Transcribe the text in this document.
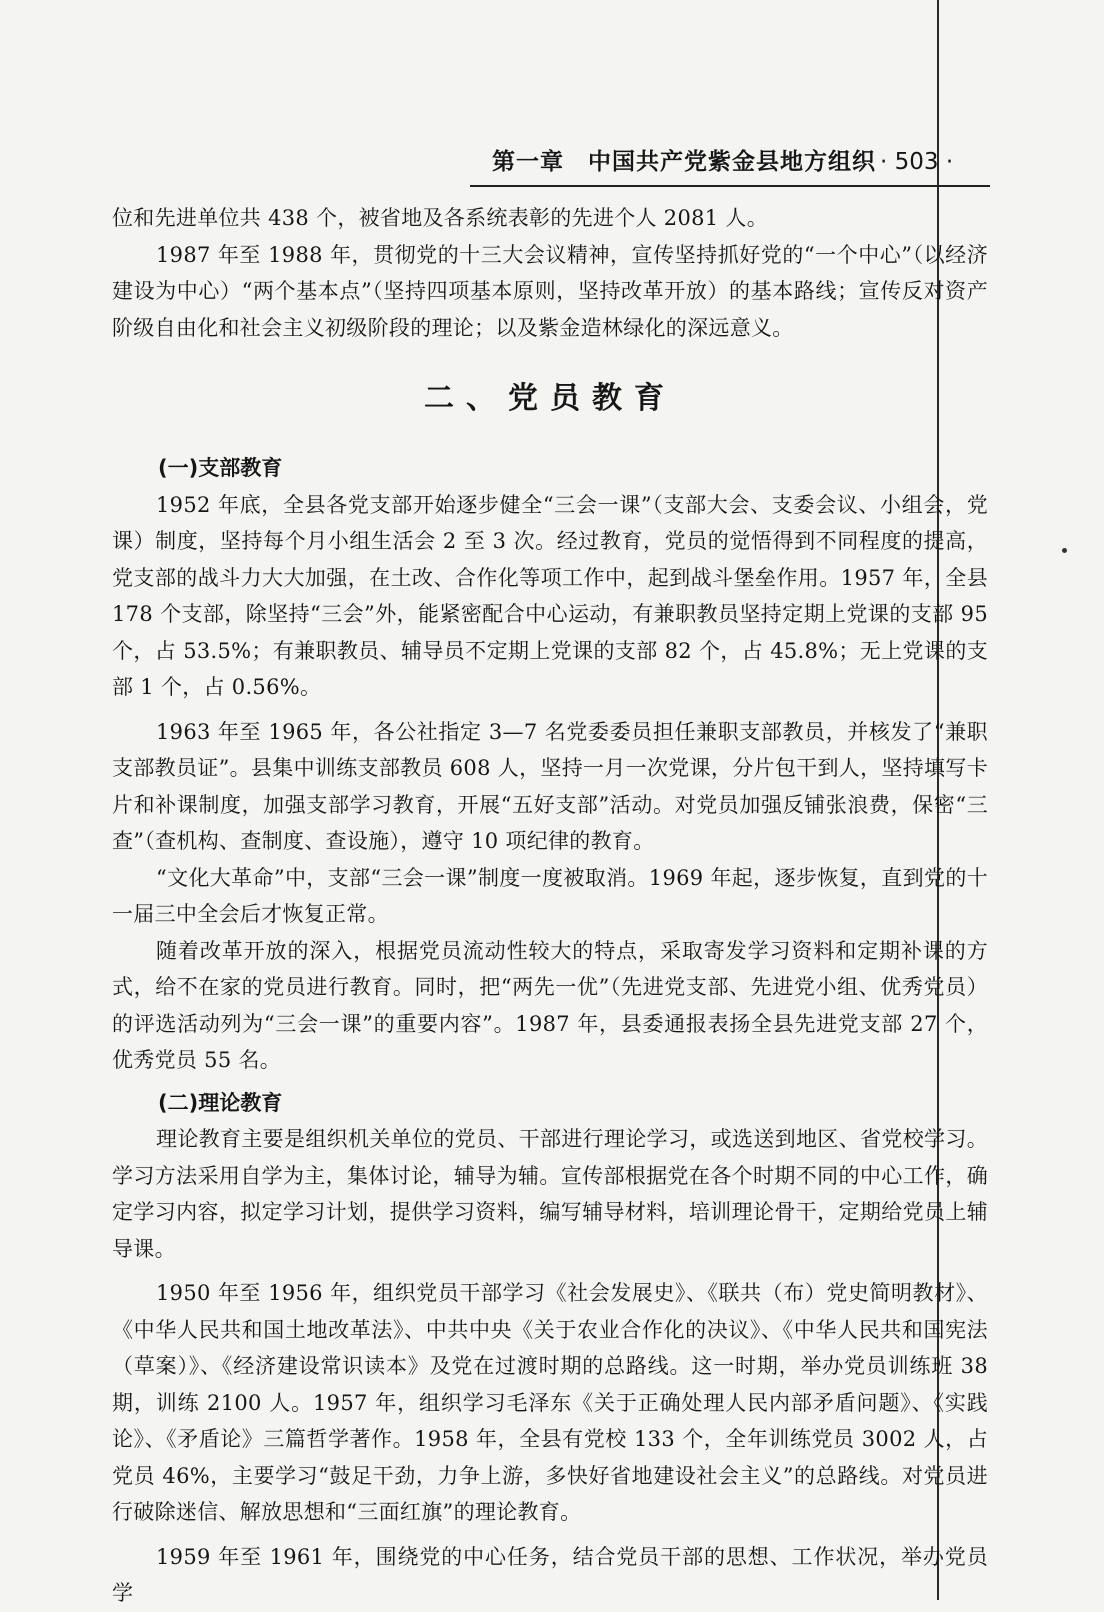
第一章　中国共产党紫金县地方组织 · 503 ·

位和先进单位共 438 个，被省地及各系统表彰的先进个人 2081 人。

1987 年至 1988 年，贯彻党的十三大会议精神，宣传坚持抓好党的“一个中心”（以经济建设为中心）“两个基本点”（坚持四项基本原则，坚持改革开放）的基本路线；宣传反对资产阶级自由化和社会主义初级阶段的理论；以及紫金造林绿化的深远意义。

二、党员教育
(一)支部教育

1952 年底，全县各党支部开始逐步健全“三会一课”（支部大会、支委会议、小组会，党课）制度，坚持每个月小组生活会 2 至 3 次。经过教育，党员的觉悟得到不同程度的提高，党支部的战斗力大大加强，在土改、合作化等项工作中，起到战斗堡垒作用。1957 年，全县 178 个支部，除坚持“三会”外，能紧密配合中心运动，有兼职教员坚持定期上党课的支部 95 个，占 53.5%；有兼职教员、辅导员不定期上党课的支部 82 个，占 45.8%；无上党课的支部 1 个，占 0.56%。

1963 年至 1965 年，各公社指定 3—7 名党委委员担任兼职支部教员，并核发了“兼职支部教员证”。县集中训练支部教员 608 人，坚持一月一次党课，分片包干到人，坚持填写卡片和补课制度，加强支部学习教育，开展“五好支部”活动。对党员加强反铺张浪费，保密“三查”（查机构、查制度、查设施），遵守 10 项纪律的教育。

“文化大革命”中，支部“三会一课”制度一度被取消。1969 年起，逐步恢复，直到党的十一届三中全会后才恢复正常。

随着改革开放的深入，根据党员流动性较大的特点，采取寄发学习资料和定期补课的方式，给不在家的党员进行教育。同时，把“两先一优”（先进党支部、先进党小组、优秀党员）的评选活动列为“三会一课”的重要内容”。1987 年，县委通报表扬全县先进党支部 27 个，优秀党员 55 名。

(二)理论教育

理论教育主要是组织机关单位的党员、干部进行理论学习，或选送到地区、省党校学习。学习方法采用自学为主，集体讨论，辅导为辅。宣传部根据党在各个时期不同的中心工作，确定学习内容，拟定学习计划，提供学习资料，编写辅导材料，培训理论骨干，定期给党员上辅导课。

1950 年至 1956 年，组织党员干部学习《社会发展史》、《联共（布）党史简明教材》、《中华人民共和国土地改革法》、中共中央《关于农业合作化的决议》、《中华人民共和国宪法（草案）》、《经济建设常识读本》及党在过渡时期的总路线。这一时期，举办党员训练班 38 期，训练 2100 人。1957 年，组织学习毛泽东《关于正确处理人民内部矛盾问题》、《实践论》、《矛盾论》三篇哲学著作。1958 年，全县有党校 133 个，全年训练党员 3002 人，占党员 46%，主要学习“鼓足干劲，力争上游，多快好省地建设社会主义”的总路线。对党员进行破除迷信、解放思想和“三面红旗”的理论教育。

1959 年至 1961 年，围绕党的中心任务，结合党员干部的思想、工作状况，举办党员学
